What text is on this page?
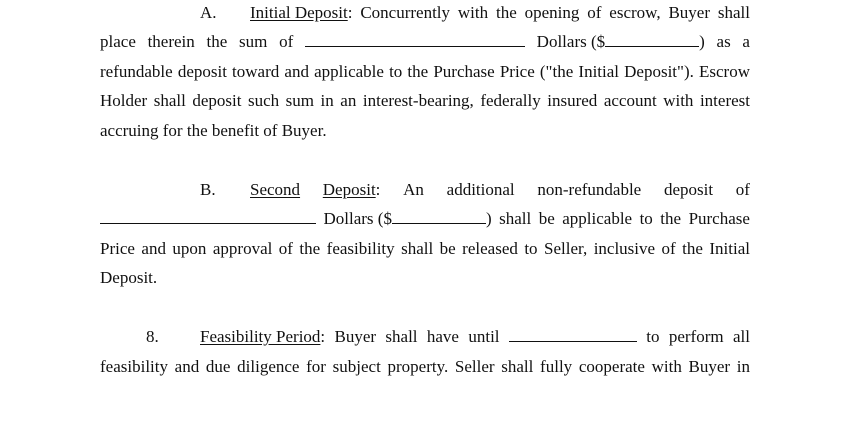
A. Initial Deposit: Concurrently with the opening of escrow, Buyer shall
place therein the sum of	Dollars ($	) as a
refundable deposit toward and applicable to the Purchase Price ("the Initial Deposit"). Escrow
Holder shall deposit such sum in an interest-bearing, federally insured account with interest
accruing for the benefit of Buyer.
B. Second Deposit: An additional non-refundable deposit of
Dollars ($	) shall be applicable to the Purchase
Price and upon approval of the feasibility shall be released to Seller, inclusive of the Initial
Deposit.
8. Feasibility Period: Buyer shall have until	to perform all
feasibility and due diligence for subject property. Seller shall fully cooperate with Buyer in
